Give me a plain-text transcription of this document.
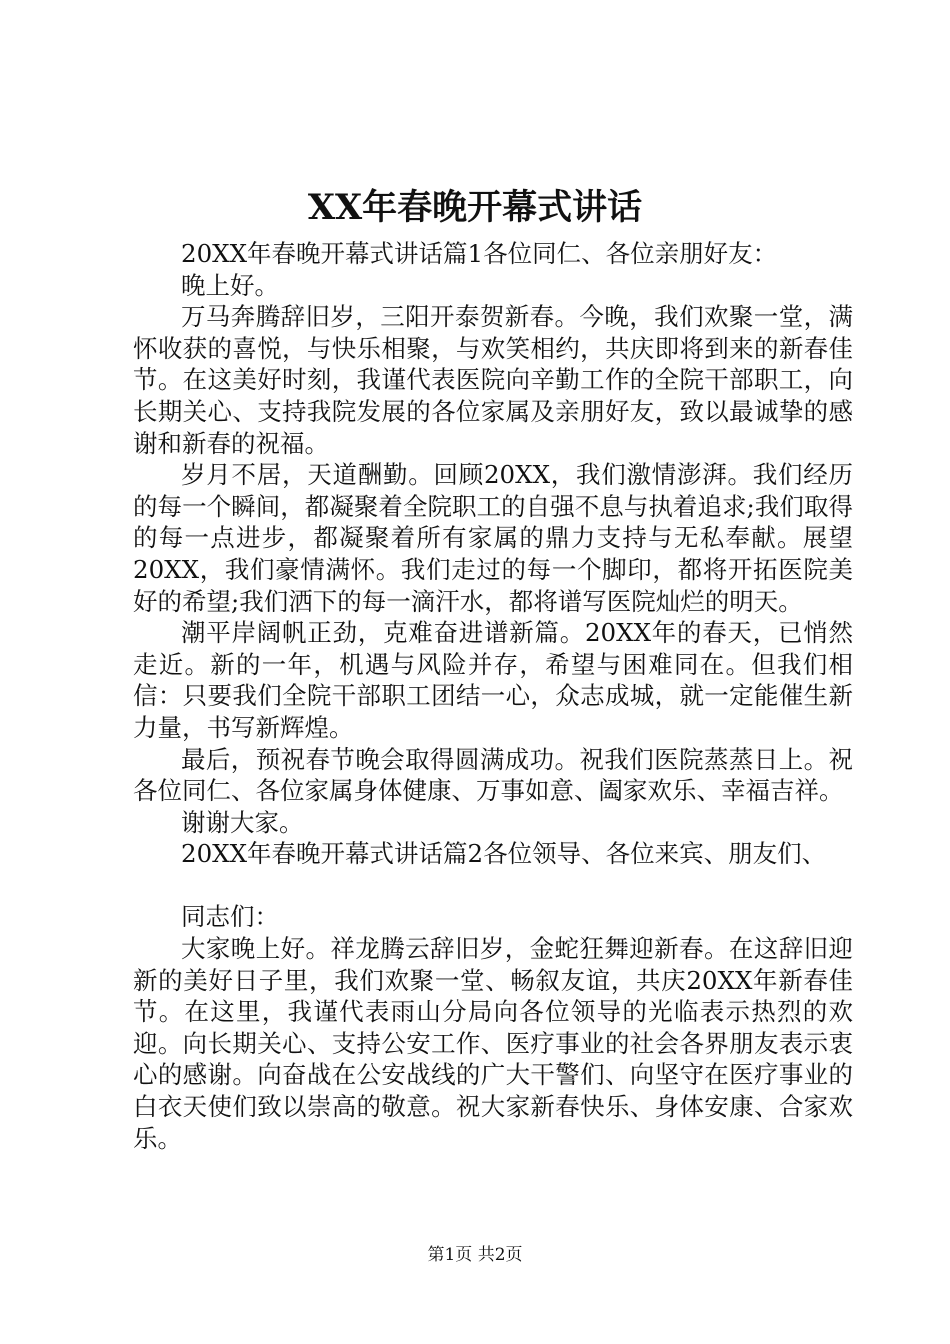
XX年春晚开幕式讲话

20XX年春晚开幕式讲话篇1各位同仁、各位亲朋好友：

晚上好。

万马奔腾辞旧岁，三阳开泰贺新春。今晚，我们欢聚一堂，满怀收获的喜悦，与快乐相聚，与欢笑相约，共庆即将到来的新春佳节。在这美好时刻，我谨代表医院向辛勤工作的全院干部职工，向长期关心、支持我院发展的各位家属及亲朋好友，致以最诚挚的感谢和新春的祝福。

岁月不居，天道酬勤。回顾20XX，我们激情澎湃。我们经历的每一个瞬间，都凝聚着全院职工的自强不息与执着追求;我们取得的每一点进步，都凝聚着所有家属的鼎力支持与无私奉献。展望20XX，我们豪情满怀。我们走过的每一个脚印，都将开拓医院美好的希望;我们洒下的每一滴汗水，都将谱写医院灿烂的明天。

潮平岸阔帆正劲，克难奋进谱新篇。20XX年的春天，已悄然走近。新的一年，机遇与风险并存，希望与困难同在。但我们相信：只要我们全院干部职工团结一心，众志成城，就一定能催生新力量，书写新辉煌。

最后，预祝春节晚会取得圆满成功。祝我们医院蒸蒸日上。祝各位同仁、各位家属身体健康、万事如意、阖家欢乐、幸福吉祥。

谢谢大家。

20XX年春晚开幕式讲话篇2各位领导、各位来宾、朋友们、

同志们：

大家晚上好。祥龙腾云辞旧岁，金蛇狂舞迎新春。在这辞旧迎新的美好日子里，我们欢聚一堂、畅叙友谊，共庆20XX年新春佳节。在这里，我谨代表雨山分局向各位领导的光临表示热烈的欢迎。向长期关心、支持公安工作、医疗事业的社会各界朋友表示衷心的感谢。向奋战在公安战线的广大干警们、向坚守在医疗事业的白衣天使们致以崇高的敬意。祝大家新春快乐、身体安康、合家欢乐。

第1页 共2页
